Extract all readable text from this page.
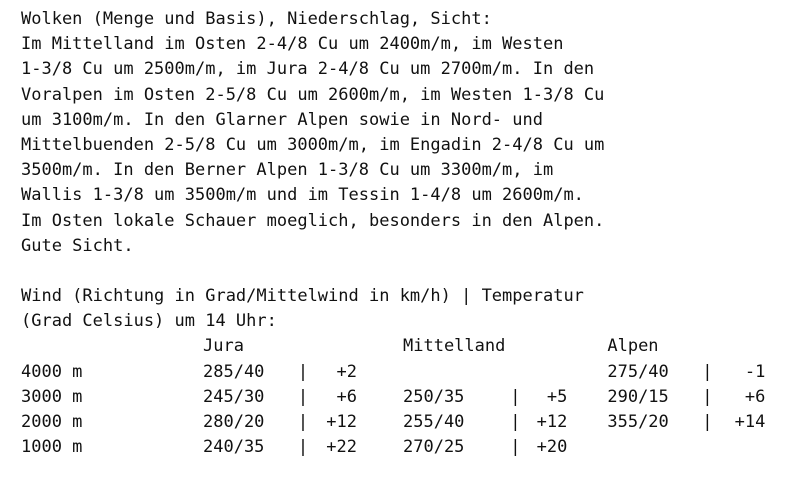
Wolken (Menge und Basis), Niederschlag, Sicht:
Im Mittelland im Osten 2-4/8 Cu um 2400m/m, im Westen
1-3/8 Cu um 2500m/m, im Jura 2-4/8 Cu um 2700m/m. In den
Voralpen im Osten 2-5/8 Cu um 2600m/m, im Westen 1-3/8 Cu
um 3100m/m. In den Glarner Alpen sowie in Nord- und
Mittelbuenden 2-5/8 Cu um 3000m/m, im Engadin 2-4/8 Cu um
3500m/m. In den Berner Alpen 1-3/8 Cu um 3300m/m, im
Wallis 1-3/8 um 3500m/m und im Tessin 1-4/8 um 2600m/m.
Im Osten lokale Schauer moeglich, besonders in den Alpen.
Gute Sicht.
Wind (Richtung in Grad/Mittelwind in km/h) | Temperatur
(Grad Celsius) um 14 Uhr:
	Jura				Mittelland				Alpen		
4000 m	285/40	|	+2						275/40	|	-1
3000 m	245/30	|	+6		250/35	|	+5		290/15	|	+6
2000 m	280/20	|	+12		255/40	|	+12		355/20	|	+14
1000 m	240/35	|	+22		270/25	|	+20				
